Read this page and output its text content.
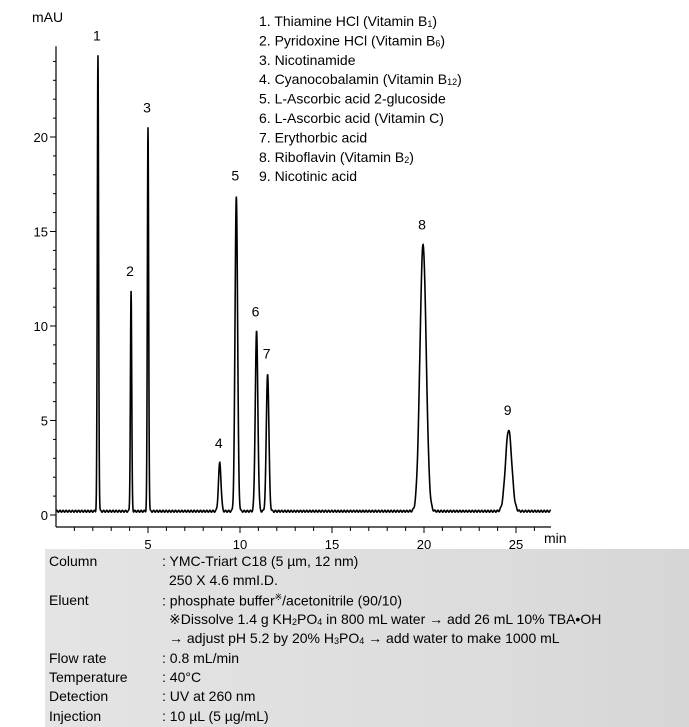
mAU
min
1. Thiamine HCl (Vitamin B1)
2. Pyridoxine HCl (Vitamin B6)
3. Nicotinamide
4. Cyanocobalamin (Vitamin B12)
5. L-Ascorbic acid 2-glucoside
6. L-Ascorbic acid (Vitamin C)
7. Erythorbic acid
8. Riboflavin (Vitamin B2)
9. Nicotinic acid
5	10	15	20	25
0
5
10
15
20
1
2
3
4
5
6
7
8
9
Column	: YMC-Triart C18 (5 µm, 12 nm)
250 X 4.6 mmI.D.
Eluent	: phosphate buffer※/acetonitrile (90/10)
※Dissolve 1.4 g $KH_2PO_4$ in 800 mL water → add 26 mL 10% TBA•OH
→ adjust pH 5.2 by 20% $H_3PO_4$ → add water to make 1000 mL
Flow rate	: 0.8 mL/min
Temperature : 40°C
Detection	: UV at 260 nm
Injection	: 10 µL (5 µg/mL)
